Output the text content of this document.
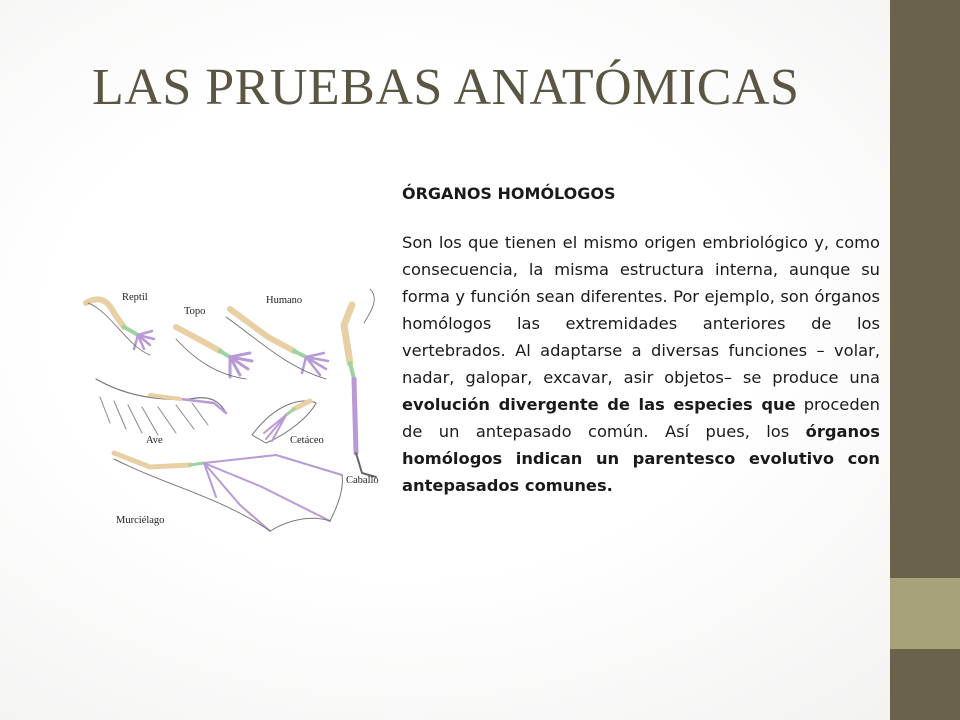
LAS PRUEBAS ANATÓMICAS
Reptil
Topo
Humano
Ave	Cetáceo
Caballo
Murciélago

ÓRGANOS HOMÓLOGOS

Son los que tienen el mismo origen embriológico y, como consecuencia, la misma estructura interna, aunque su forma y función sean diferentes. Por ejemplo, son órganos homólogos las extremidades anteriores de los vertebrados. Al adaptarse a diversas funciones – volar, nadar, galopar, excavar, asir objetos– se produce una evolución divergente de las especies que proceden de un antepasado común. Así pues, los órganos homólogos indican un parentesco evolutivo con antepasados comunes.
